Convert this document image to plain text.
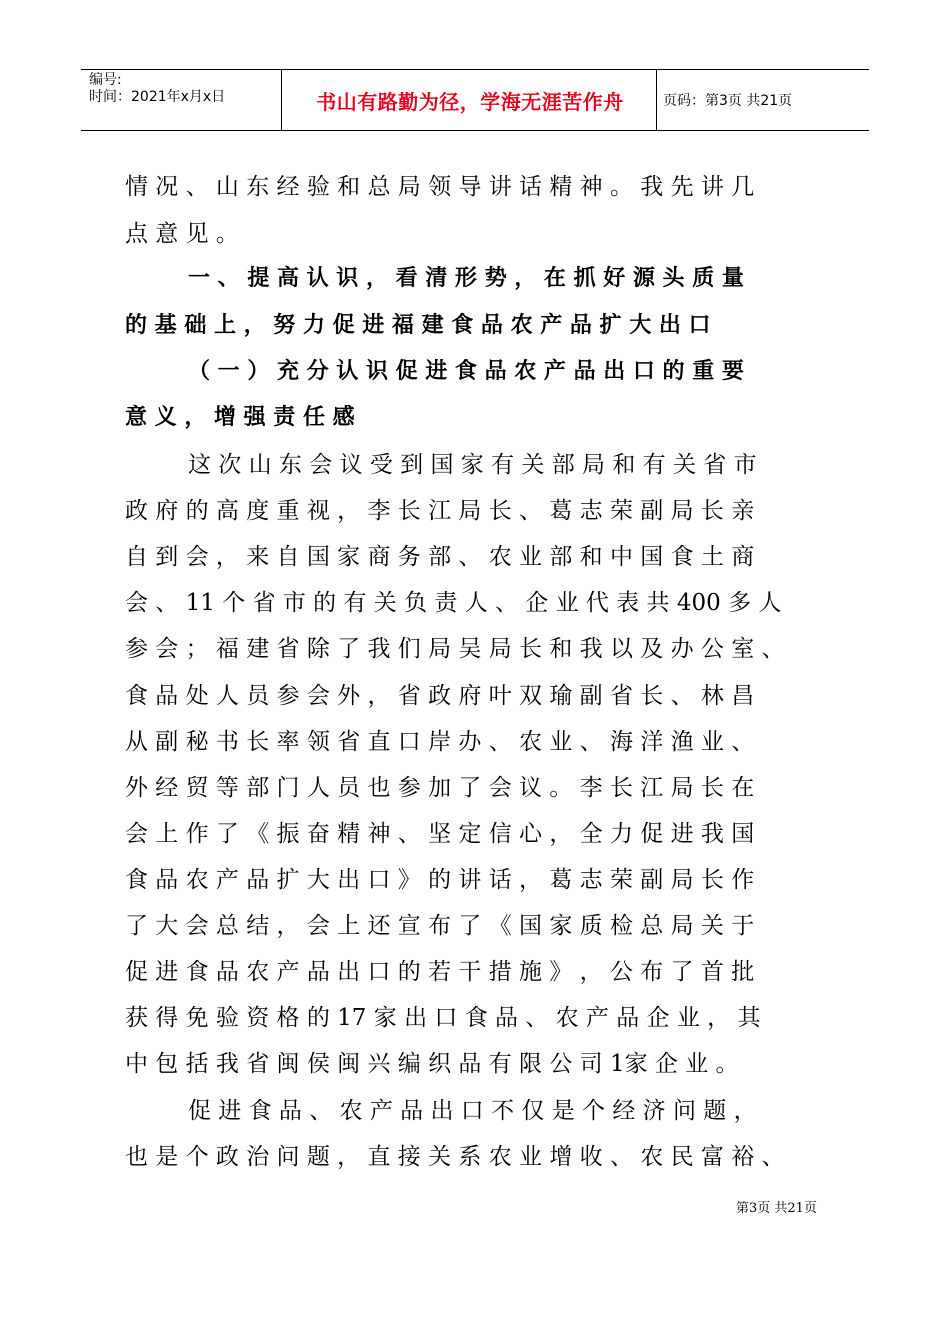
编号:
时间：2021年x月x日	书山有路勤为径，学海无涯苦作舟	页码：第3页 共21页
情 况 、 山 东 经 验 和 总 局 领 导 讲 话 精 神 。 我 先 讲 几
点 意 见 。
一 、 提 高 认 识 ， 看 清 形 势 ， 在 抓 好 源 头 质 量
的 基 础 上 ， 努 力 促 进 福 建 食 品 农 产 品 扩 大 出 口
（ 一 ） 充 分 认 识 促 进 食 品 农 产 品 出 口 的 重 要
意 义 ， 增 强 责 任 感
这 次 山 东 会 议 受 到 国 家 有 关 部 局 和 有 关 省 市
政 府 的 高 度 重 视 ， 李 长 江 局 长 、 葛 志 荣 副 局 长 亲
自 到 会 ， 来 自 国 家 商 务 部 、 农 业 部 和 中 国 食 土 商
会 、 11 个 省 市 的 有 关 负 责 人 、 企 业 代 表 共 400 多 人
参 会 ； 福 建 省 除 了 我 们 局 吴 局 长 和 我 以 及 办 公 室 、
食 品 处 人 员 参 会 外 ， 省 政 府 叶 双 瑜 副 省 长 、 林 昌
从 副 秘 书 长 率 领 省 直 口 岸 办 、 农 业 、 海 洋 渔 业 、
外 经 贸 等 部 门 人 员 也 参 加 了 会 议 。 李 长 江 局 长 在
会 上 作 了 《 振 奋 精 神 、 坚 定 信 心 ， 全 力 促 进 我 国
食 品 农 产 品 扩 大 出 口 》 的 讲 话 ， 葛 志 荣 副 局 长 作
了 大 会 总 结 ， 会 上 还 宣 布 了 《 国 家 质 检 总 局 关 于
促 进 食 品 农 产 品 出 口 的 若 干 措 施 》 ， 公 布 了 首 批
获 得 免 验 资 格 的 17 家 出 口 食 品 、 农 产 品 企 业 ， 其
中 包 括 我 省 闽 侯 闽 兴 编 织 品 有 限 公 司 1家 企 业 。
促 进 食 品 、 农 产 品 出 口 不 仅 是 个 经 济 问 题 ，
也 是 个 政 治 问 题 ， 直 接 关 系 农 业 增 收 、 农 民 富 裕 、
第3页 共21页
